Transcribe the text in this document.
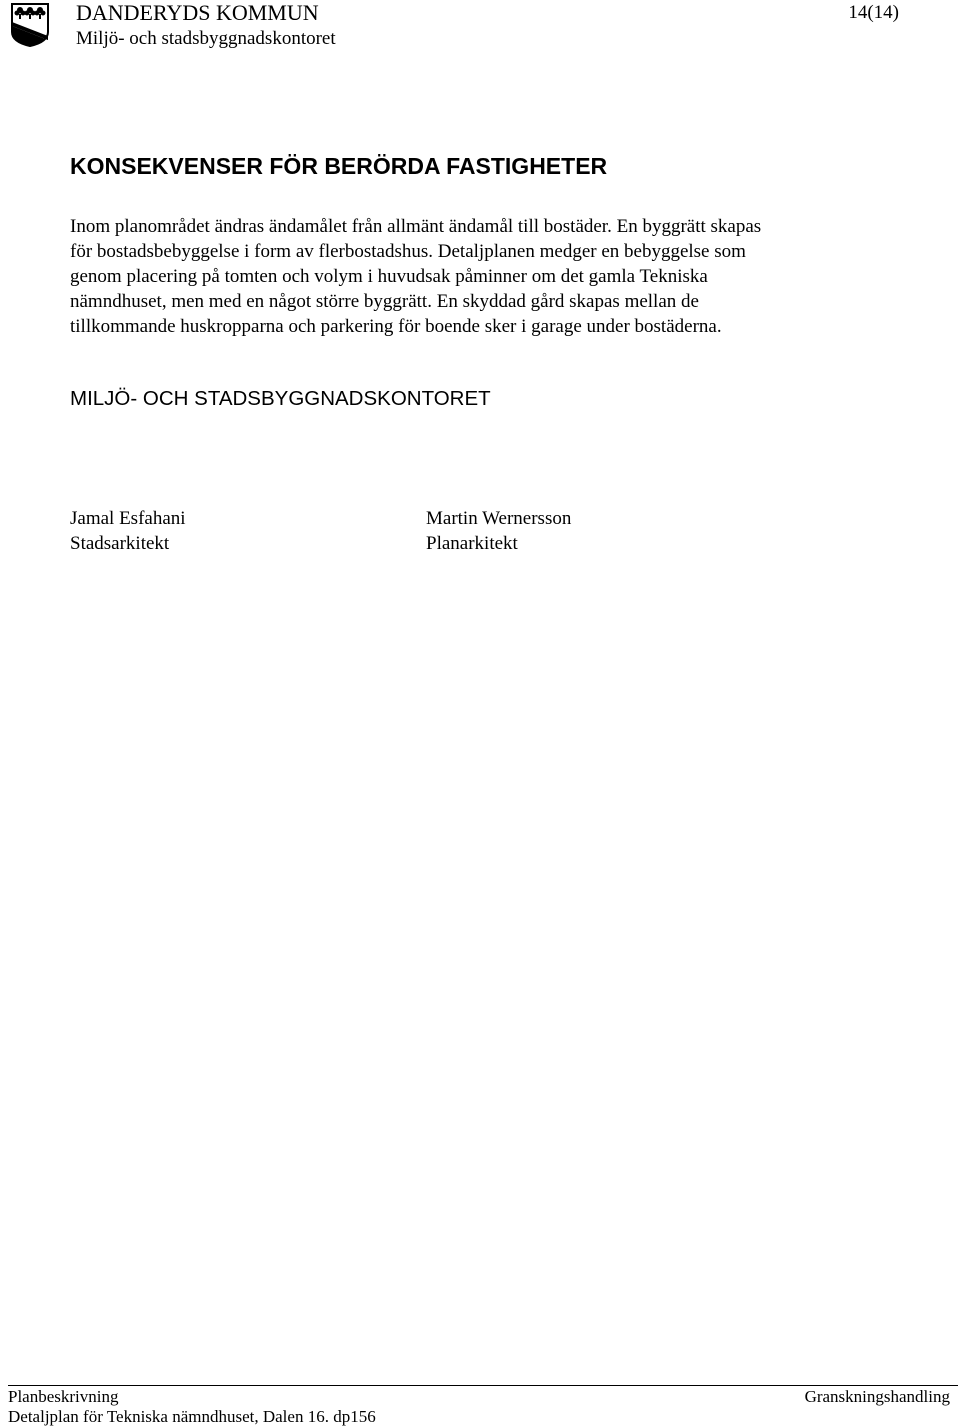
DANDERYDS KOMMUN
Miljö- och stadsbyggnadskontoret
14(14)
KONSEKVENSER FÖR BERÖRDA FASTIGHETER

Inom planområdet ändras ändamålet från allmänt ändamål till bostäder. En byggrätt skapas
för bostadsbebyggelse i form av flerbostadshus. Detaljplanen medger en bebyggelse som
genom placering på tomten och volym i huvudsak påminner om det gamla Tekniska
nämndhuset, men med en något större byggrätt. En skyddad gård skapas mellan de
tillkommande huskropparna och parkering för boende sker i garage under bostäderna.

MILJÖ- OCH STADSBYGGNADSKONTORET
Jamal Esfahani
Stadsarkitekt
Martin Wernersson
Planarkitekt
Planbeskrivning
Detaljplan för Tekniska nämndhuset, Dalen 16. dp156
Granskningshandling
